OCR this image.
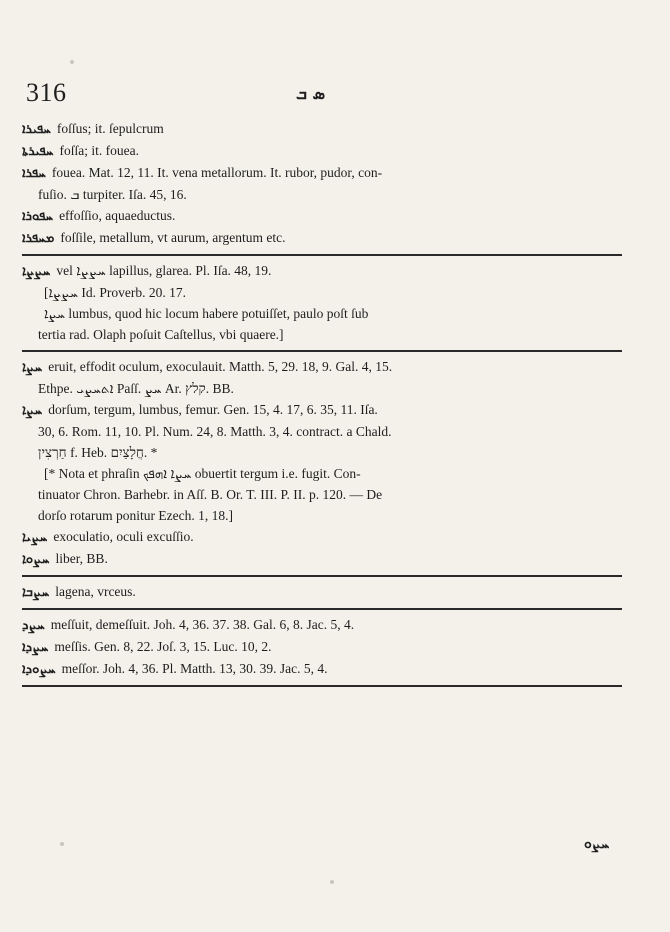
316	ܣ ܒ
ܚܦܝܪܐ foſſus; it. ſepulcrum
ܚܦܝܪܬܐ foſſa; it. fouea.
ܚܦܪܐ fouea. Mat. 12, 11. It. vena metallorum. It. rubor, pudor, con-
fuſio. ܒ turpiter. Iſa. 45, 16.
ܚܦܘܪܐ effoſſio, aquaeductus.
ܡܚܦܪܐ foſſile, metallum, vt aurum, argentum etc.
ܚܨܨܐ vel ܚܨܨܐ lapillus, glarea. Pl. Iſa. 48, 19.
[ܚܨܨܐ Id. Proverb. 20. 17.
ܚܨܐ lumbus, quod hic locum habere potuiſſet, paulo poſt ſub
tertia rad. Olaph poſuit Caſtellus, vbi quaere.]
ܚܨܐ eruit, effodit oculum, exoculauit. Matth. 5, 29. 18, 9. Gal. 4, 15.
Ethpe. ܐܬܚܨܝ Paſſ. ܚܨ Ar. קלץ. BB.
ܚܨܐ dorſum, tergum, lumbus, femur. Gen. 15, 4. 17, 6. 35, 11. Iſa.
30, 6. Rom. 11, 10. Pl. Num. 24, 8. Matth. 3, 4. contract. a Chald.
חַרְצִין f. Heb. חֲלָצַיִם. *
[* Nota et phraſin ܚܨܐ ܐܗܦܟ obuertit tergum i.e. fugit. Con-
tinuator Chron. Barhebr. in Aſſ. B. Or. T. III. P. II. p. 120. — De
dorſo rotarum ponitur Ezech. 1, 18.]
ܚܨܝܐ exoculatio, oculi excuſſio.
ܚܨܘܐ liber, BB.
ܚܨܒܐ lagena, vrceus.
ܚܨܕ meſſuit, demeſſuit. Joh. 4, 36. 37. 38. Gal. 6, 8. Jac. 5, 4.
ܚܨܕܐ meſſis. Gen. 8, 22. Joſ. 3, 15. Luc. 10, 2.
ܚܨܘܕܐ meſſor. Joh. 4, 36. Pl. Matth. 13, 30. 39. Jac. 5, 4.
ܚܨܘ
